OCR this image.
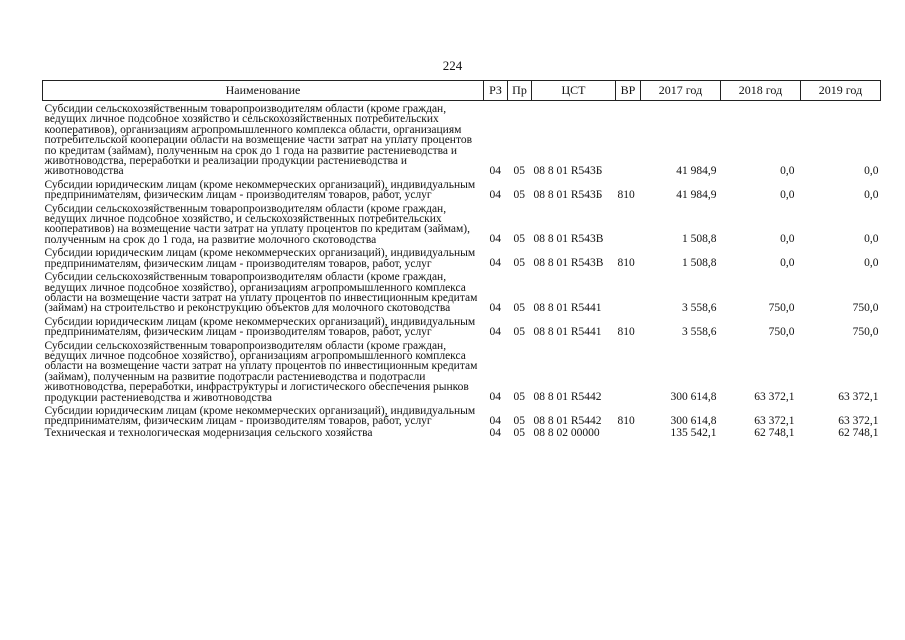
224
Наименование	РЗ	Пр	ЦСТ	ВР	2017 год	2018 год	2019 год
Субсидии сельскохозяйственным товаропроизводителям области (кроме граждан, ведущих личное подсобное хозяйство и сельскохозяйственных потребительских кооперативов), организациям агропромышленного комплекса области, организациям потребительской кооперации области на возмещение части затрат на уплату процентов по кредитам (займам), полученным на срок до 1 года на развитие растениеводства и животноводства, переработки и реализации продукции растениеводства и животноводства	04	05	08 8 01 R543Б		41 984,9	0,0	0,0
Субсидии юридическим лицам (кроме некоммерческих организаций), индивидуальным предпринимателям, физическим лицам - производителям товаров, работ, услуг	04	05	08 8 01 R543Б	810	41 984,9	0,0	0,0
Субсидии сельскохозяйственным товаропроизводителям области (кроме граждан, ведущих личное подсобное хозяйство, и сельскохозяйственных потребительских кооперативов) на возмещение части затрат на уплату процентов по кредитам (займам), полученным на срок до 1 года, на развитие молочного скотоводства	04	05	08 8 01 R543В		1 508,8	0,0	0,0
Субсидии юридическим лицам (кроме некоммерческих организаций), индивидуальным предпринимателям, физическим лицам - производителям товаров, работ, услуг	04	05	08 8 01 R543В	810	1 508,8	0,0	0,0
Субсидии сельскохозяйственным товаропроизводителям области (кроме граждан, ведущих личное подсобное хозяйство), организациям агропромышленного комплекса области на возмещение части затрат на уплату процентов по инвестиционным кредитам (займам) на строительство и реконструкцию объектов для молочного скотоводства	04	05	08 8 01 R5441		3 558,6	750,0	750,0
Субсидии юридическим лицам (кроме некоммерческих организаций), индивидуальным предпринимателям, физическим лицам - производителям товаров, работ, услуг	04	05	08 8 01 R5441	810	3 558,6	750,0	750,0
Субсидии сельскохозяйственным товаропроизводителям области (кроме граждан, ведущих личное подсобное хозяйство), организациям агропромышленного комплекса области на возмещение части затрат на уплату процентов по инвестиционным кредитам (займам), полученным на развитие подотрасли растениеводства и подотрасли животноводства, переработки, инфраструктуры и логистического обеспечения рынков продукции растениеводства и животноводства	04	05	08 8 01 R5442		300 614,8	63 372,1	63 372,1
Субсидии юридическим лицам (кроме некоммерческих организаций), индивидуальным предпринимателям, физическим лицам - производителям товаров, работ, услуг	04	05	08 8 01 R5442	810	300 614,8	63 372,1	63 372,1
Техническая и технологическая модернизация сельского хозяйства	04	05	08 8 02 00000		135 542,1	62 748,1	62 748,1
